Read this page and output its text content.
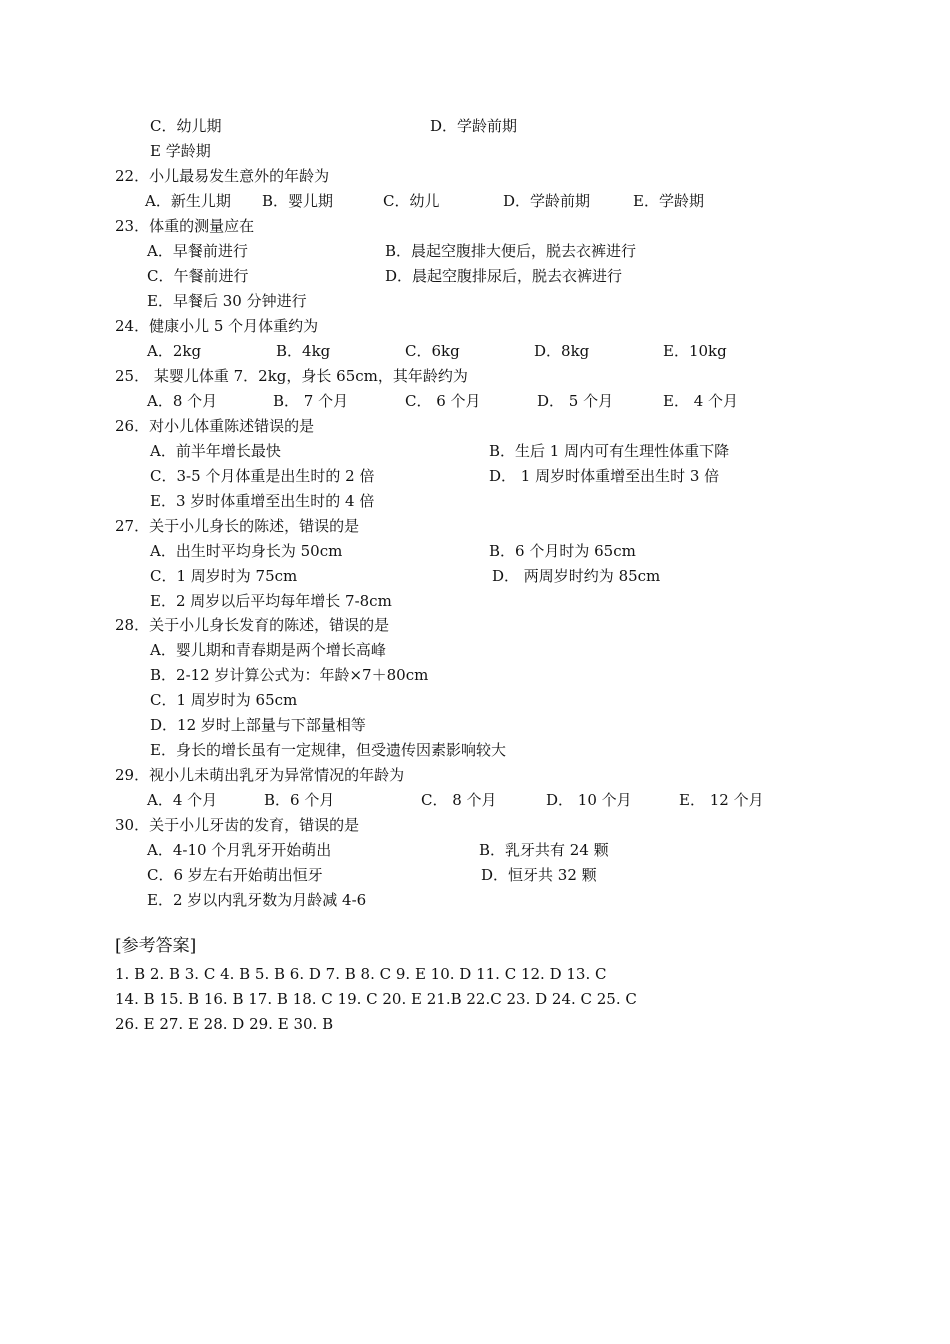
C．幼儿期	D．学龄前期
E 学龄期
22．小儿最易发生意外的年龄为
A．新生儿期 B．婴儿期	C．幼儿	D．学龄前期	E．学龄期
23．体重的测量应在
A．早餐前进行	B．晨起空腹排大便后，脱去衣裤进行
C．午餐前进行	D．晨起空腹排尿后，脱去衣裤进行
E．早餐后 30 分钟进行
24．健康小儿 5 个月体重约为
A．2kg	B．4kg	C．6kg	D．8kg	E．10kg
25． 某婴儿体重 7．2kg，身长 65cm，其年龄约为
A．8 个月	B． 7 个月	C． 6 个月	D． 5 个月	E． 4 个月
26．对小儿体重陈述错误的是
A．前半年增长最快	B．生后 1 周内可有生理性体重下降
C．3-5 个月体重是出生时的 2 倍	D． 1 周岁时体重增至出生时 3 倍
E．3 岁时体重增至出生时的 4 倍
27．关于小儿身长的陈述，错误的是
A．出生时平均身长为 50cm	B．6 个月时为 65cm
C．1 周岁时为 75cm	D． 两周岁时约为 85cm
E．2 周岁以后平均每年增长 7-8cm
28．关于小儿身长发育的陈述，错误的是
A．婴儿期和青春期是两个增长高峰
B．2-12 岁计算公式为：年龄×7＋80cm
C．1 周岁时为 65cm
D．12 岁时上部量与下部量相等
E．身长的增长虽有一定规律，但受遗传因素影响较大
29．视小儿未萌出乳牙为异常情况的年龄为
A．4 个月	B．6 个月	C． 8 个月	D． 10 个月	E． 12 个月
30．关于小儿牙齿的发育，错误的是
A．4-10 个月乳牙开始萌出	B．乳牙共有 24 颗
C．6 岁左右开始萌出恒牙	D．恒牙共 32 颗
E．2 岁以内乳牙数为月龄减 4-6
[参考答案]
1. B 2. B 3. C 4. B 5. B 6. D 7. B 8. C 9. E 10. D 11. C 12. D 13. C
14. B 15. B 16. B 17. B 18. C 19. C 20. E 21.B 22.C 23. D 24. C 25. C
26. E 27. E 28. D 29. E 30. B
